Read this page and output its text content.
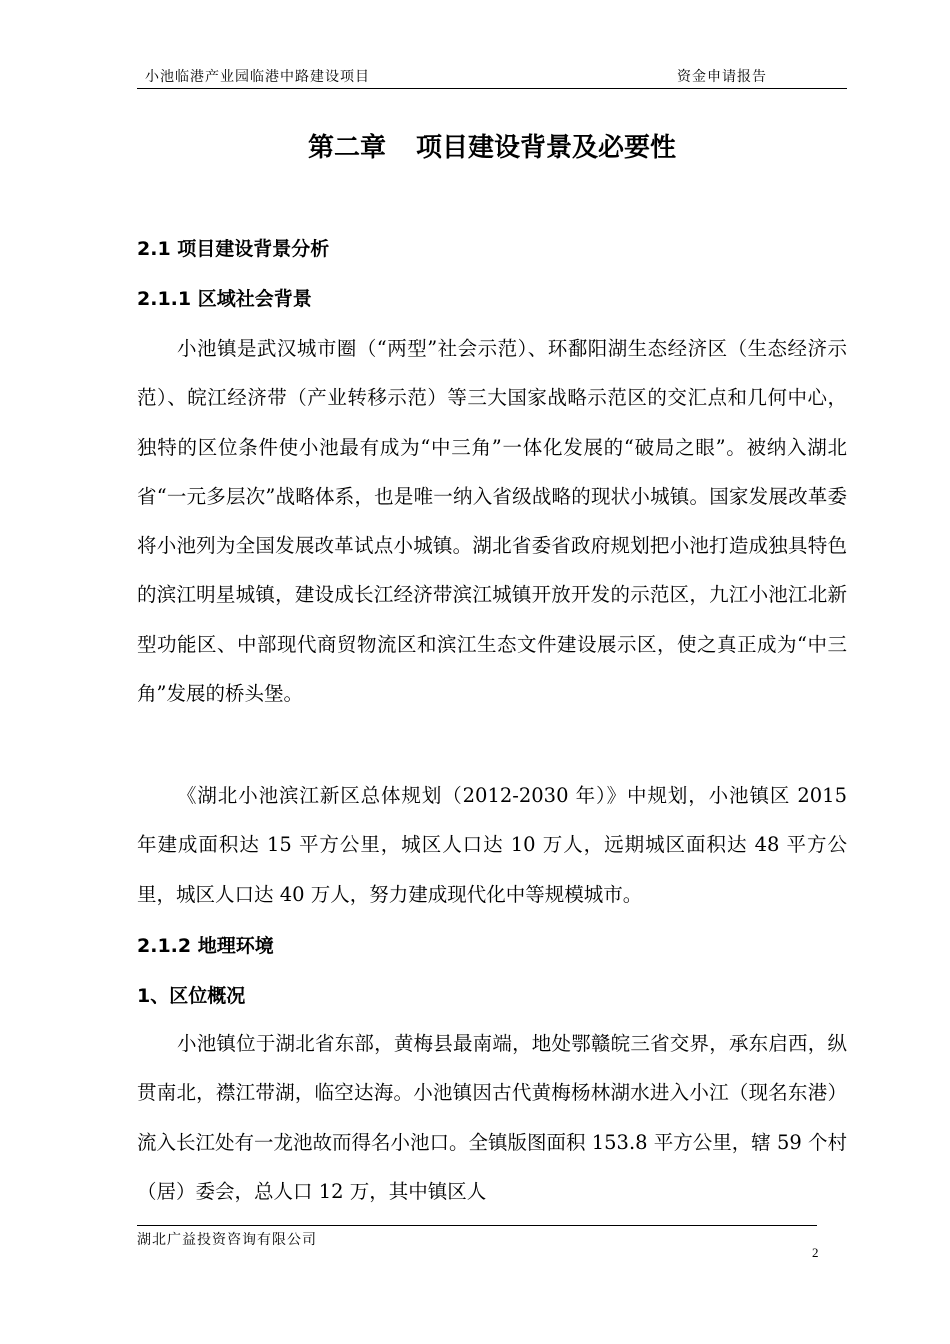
小池临港产业园临港中路建设项目	资金申请报告
第二章 项目建设背景及必要性
2.1 项目建设背景分析
2.1.1 区域社会背景

小池镇是武汉城市圈（“两型”社会示范）、环鄱阳湖生态经济区（生态经济示范）、皖江经济带（产业转移示范）等三大国家战略示范区的交汇点和几何中心，独特的区位条件使小池最有成为“中三角”一体化发展的“破局之眼”。被纳入湖北省“一元多层次”战略体系，也是唯一纳入省级战略的现状小城镇。国家发展改革委将小池列为全国发展改革试点小城镇。湖北省委省政府规划把小池打造成独具特色的滨江明星城镇，建设成长江经济带滨江城镇开放开发的示范区，九江小池江北新型功能区、中部现代商贸物流区和滨江生态文件建设展示区，使之真正成为“中三角”发展的桥头堡。

《湖北小池滨江新区总体规划（2012-2030 年）》中规划，小池镇区 2015 年建成面积达 15 平方公里，城区人口达 10 万人，远期城区面积达 48 平方公里，城区人口达 40 万人，努力建成现代化中等规模城市。

2.1.2 地理环境
1、区位概况

小池镇位于湖北省东部，黄梅县最南端，地处鄂赣皖三省交界，承东启西，纵贯南北，襟江带湖，临空达海。小池镇因古代黄梅杨林湖水进入小江（现名东港）流入长江处有一龙池故而得名小池口。全镇版图面积 153.8 平方公里，辖 59 个村（居）委会，总人口 12 万，其中镇区人

湖北广益投资咨询有限公司
2
